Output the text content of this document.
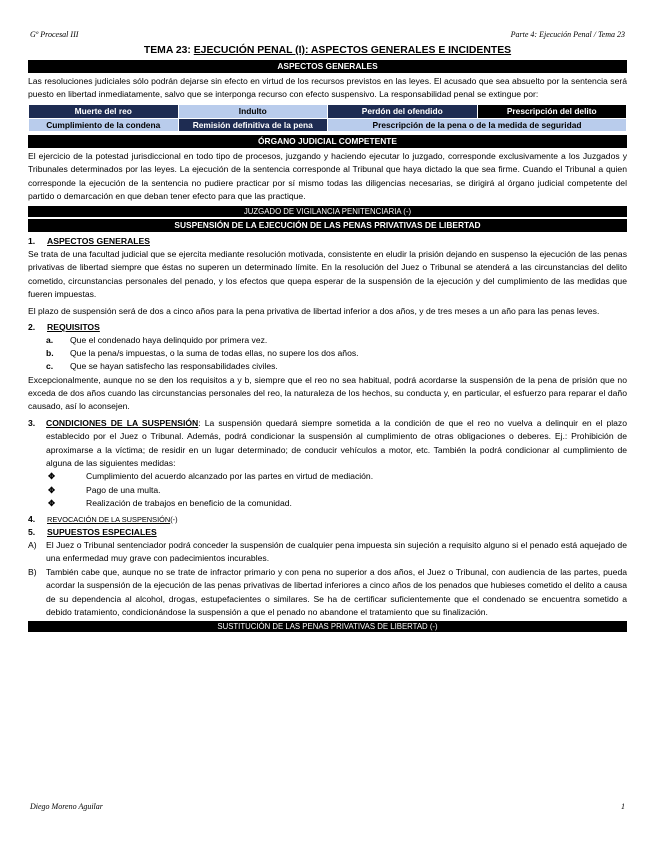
Gº Procesal III	Parte 4: Ejecución Penal / Tema 23
TEMA 23: EJECUCIÓN PENAL (I): ASPECTOS GENERALES E INCIDENTES
ASPECTOS GENERALES

Las resoluciones judiciales sólo podrán dejarse sin efecto en virtud de los recursos previstos en las leyes. El acusado que sea absuelto por la sentencia será puesto en libertad inmediatamente, salvo que se interponga recurso con efecto suspensivo. La responsabilidad penal se extingue por:

Muerte del reo	Indulto	Perdón del ofendido	Prescripción del delito
Cumplimiento de la condena	Remisión definitiva de la pena	Prescripción de la pena o de la medida de seguridad	
ÓRGANO JUDICIAL COMPETENTE

El ejercicio de la potestad jurisdiccional en todo tipo de procesos, juzgando y haciendo ejecutar lo juzgado, corresponde exclusivamente a los Juzgados y Tribunales determinados por las leyes. La ejecución de la sentencia corresponde al Tribunal que haya dictado la que sea firme. Cuando el Tribunal a quien corresponde la ejecución de la sentencia no pudiere practicar por sí mismo todas las diligencias necesarias, se dirigirá al órgano judicial competente del partido o demarcación en que deban tener efecto para que las practique.

JUZGADO DE VIGILANCIA PENITENCIARIA (-)
SUSPENSIÓN DE LA EJECUCIÓN DE LAS PENAS PRIVATIVAS DE LIBERTAD
1.	ASPECTOS GENERALES

Se trata de una facultad judicial que se ejercita mediante resolución motivada, consistente en eludir la prisión dejando en suspenso la ejecución de las penas privativas de libertad siempre que éstas no superen un determinado límite. En la resolución del Juez o Tribunal se atenderá a las circunstancias del delito cometido, circunstancias personales del penado, y los efectos que quepa esperar de la suspensión de la ejecución y del cumplimiento de las medidas que fueren impuestas.

El plazo de suspensión será de dos a cinco años para la pena privativa de libertad inferior a dos años, y de tres meses a un año para las penas leves.

2.	REQUISITOS
a.	Que el condenado haya delinquido por primera vez.
b.	Que la pena/s impuestas, o la suma de todas ellas, no supere los dos años.
c.	Que se hayan satisfecho las responsabilidades civiles.

Excepcionalmente, aunque no se den los requisitos a y b, siempre que el reo no sea habitual, podrá acordarse la suspensión de la pena de prisión que no exceda de dos años cuando las circunstancias personales del reo, la naturaleza de los hechos, su conducta y, en particular, el esfuerzo para reparar el daño causado, así lo aconsejen.

3.	CONDICIONES DE LA SUSPENSIÓN: La suspensión quedará siempre sometida a la condición de que el reo no vuelva a delinquir en el plazo establecido por el Juez o Tribunal. Además, podrá condicionar la suspensión al cumplimiento de otras obligaciones o deberes. Ej.: Prohibición de aproximarse a la víctima; de residir en un lugar determinado; de conducir vehículos a motor, etc. También la podrá condicionar al cumplimiento de alguna de las siguientes medidas:
✥	Cumplimiento del acuerdo alcanzado por las partes en virtud de mediación.
✥	Pago de una multa.
✥	Realización de trabajos en beneficio de la comunidad.
4.	REVOCACIÓN DE LA SUSPENSIÓN (-)
5.	SUPUESTOS ESPECIALES
A)	El Juez o Tribunal sentenciador podrá conceder la suspensión de cualquier pena impuesta sin sujeción a requisito alguno si el penado está aquejado de una enfermedad muy grave con padecimientos incurables.
B)	También cabe que, aunque no se trate de infractor primario y con pena no superior a dos años, el Juez o Tribunal, con audiencia de las partes, pueda acordar la suspensión de la ejecución de las penas privativas de libertad inferiores a cinco años de los penados que hubieses cometido el delito a causa de su dependencia al alcohol, drogas, estupefacientes o similares. Se ha de certificar suficientemente que el condenado se encuentra sometido a debido tratamiento, condicionándose la suspensión a que el penado no abandone el tratamiento que su finalización.
SUSTITUCIÓN DE LAS PENAS PRIVATIVAS DE LIBERTAD (-)
Diego Moreno Aguilar	1
